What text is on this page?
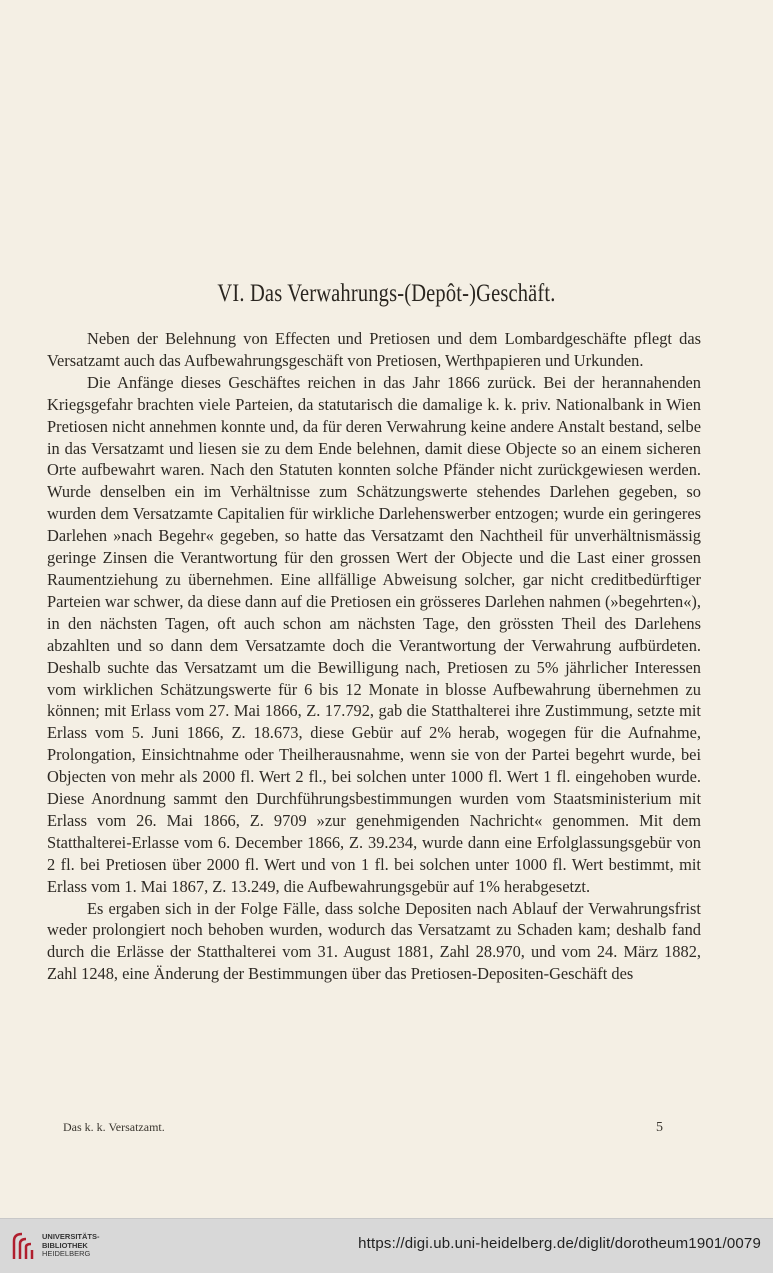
VI. Das Verwahrungs-(Depôt-)Geschäft.

Neben der Belehnung von Effecten und Pretiosen und dem Lombardgeschäfte pflegt das Versatzamt auch das Aufbewahrungsgeschäft von Pretiosen, Werthpapieren und Urkunden.

Die Anfänge dieses Geschäftes reichen in das Jahr 1866 zurück. Bei der herannahenden Kriegsgefahr brachten viele Parteien, da statutarisch die damalige k. k. priv. Nationalbank in Wien Pretiosen nicht annehmen konnte und, da für deren Verwahrung keine andere Anstalt bestand, selbe in das Versatzamt und liesen sie zu dem Ende belehnen, damit diese Objecte so an einem sicheren Orte aufbewahrt waren. Nach den Statuten konnten solche Pfänder nicht zurückgewiesen werden. Wurde denselben ein im Verhältnisse zum Schätzungswerte stehendes Darlehen gegeben, so wurden dem Versatzamte Capitalien für wirkliche Darlehenswerber entzogen; wurde ein geringeres Darlehen »nach Begehr« gegeben, so hatte das Versatzamt den Nachtheil für unverhältnismässig geringe Zinsen die Verantwortung für den grossen Wert der Objecte und die Last einer grossen Raumentziehung zu übernehmen. Eine allfällige Abweisung solcher, gar nicht creditbedürftiger Parteien war schwer, da diese dann auf die Pretiosen ein grösseres Darlehen nahmen (»begehrten«), in den nächsten Tagen, oft auch schon am nächsten Tage, den grössten Theil des Darlehens abzahlten und so dann dem Versatzamte doch die Verantwortung der Verwahrung aufbürdeten. Deshalb suchte das Versatzamt um die Bewilligung nach, Pretiosen zu 5% jährlicher Interessen vom wirklichen Schätzungswerte für 6 bis 12 Monate in blosse Aufbewahrung übernehmen zu können; mit Erlass vom 27. Mai 1866, Z. 17.792, gab die Statthalterei ihre Zustimmung, setzte mit Erlass vom 5. Juni 1866, Z. 18.673, diese Gebür auf 2% herab, wogegen für die Aufnahme, Prolongation, Einsichtnahme oder Theilherausnahme, wenn sie von der Partei begehrt wurde, bei Objecten von mehr als 2000 fl. Wert 2 fl., bei solchen unter 1000 fl. Wert 1 fl. eingehoben wurde. Diese Anordnung sammt den Durchführungsbestimmungen wurden vom Staatsministerium mit Erlass vom 26. Mai 1866, Z. 9709 »zur genehmigenden Nachricht« genommen. Mit dem Statthalterei-Erlasse vom 6. December 1866, Z. 39.234, wurde dann eine Erfolglassungsgebür von 2 fl. bei Pretiosen über 2000 fl. Wert und von 1 fl. bei solchen unter 1000 fl. Wert bestimmt, mit Erlass vom 1. Mai 1867, Z. 13.249, die Aufbewahrungsgebür auf 1% herabgesetzt.

Es ergaben sich in der Folge Fälle, dass solche Depositen nach Ablauf der Verwahrungsfrist weder prolongiert noch behoben wurden, wodurch das Versatzamt zu Schaden kam; deshalb fand durch die Erlässe der Statthalterei vom 31. August 1881, Zahl 28.970, und vom 24. März 1882, Zahl 1248, eine Änderung der Bestimmungen über das Pretiosen-Depositen-Geschäft des

Das k. k. Versatzamt.	5
UNIVERSITÄTS-
BIBLIOTHEK
HEIDELBERG
https://digi.ub.uni-heidelberg.de/diglit/dorotheum1901/0079
